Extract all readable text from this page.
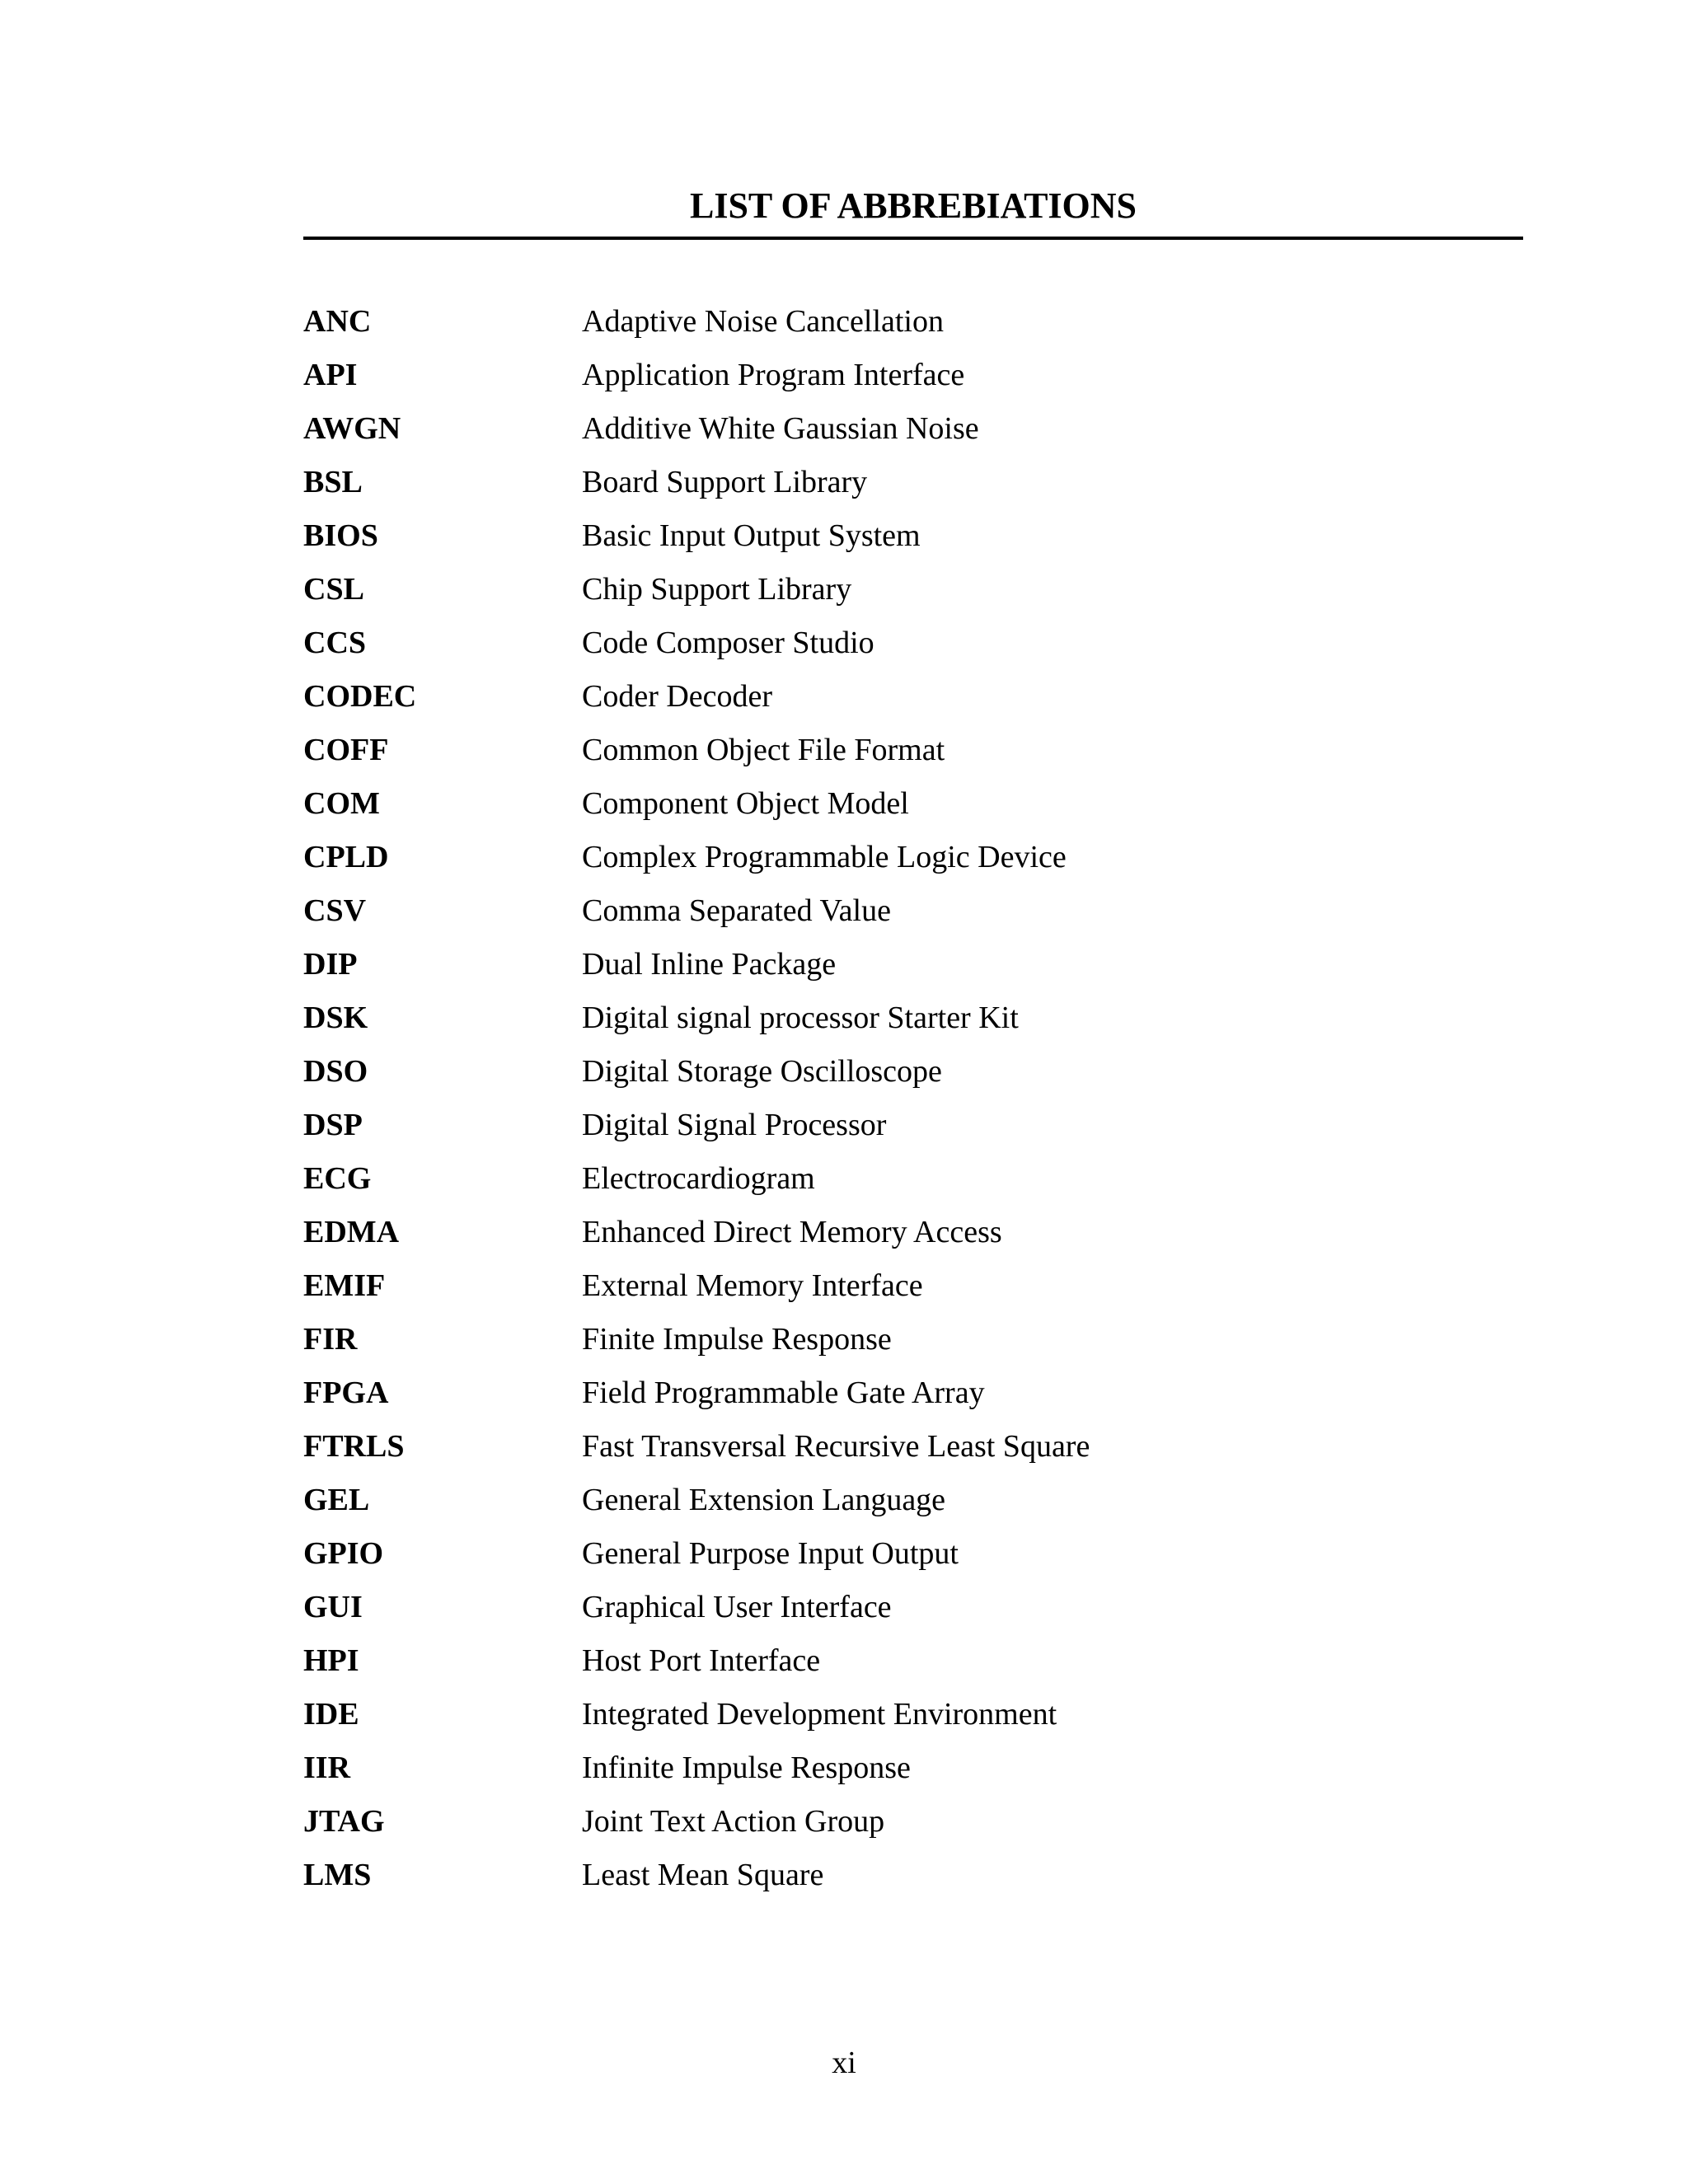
LIST OF ABBREBIATIONS
ANC	Adaptive Noise Cancellation
API	Application Program Interface
AWGN	Additive White Gaussian Noise
BSL	Board Support Library
BIOS	Basic Input Output System
CSL	Chip Support Library
CCS	Code Composer Studio
CODEC	Coder Decoder
COFF	Common Object File Format
COM	Component Object Model
CPLD	Complex Programmable Logic Device
CSV	Comma Separated Value
DIP	Dual Inline Package
DSK	Digital signal processor Starter Kit
DSO	Digital Storage Oscilloscope
DSP	Digital Signal Processor
ECG	Electrocardiogram
EDMA	Enhanced Direct Memory Access
EMIF	External Memory Interface
FIR	Finite Impulse Response
FPGA	Field Programmable Gate Array
FTRLS	Fast Transversal Recursive Least Square
GEL	General Extension Language
GPIO	General Purpose Input Output
GUI	Graphical User Interface
HPI	Host Port Interface
IDE	Integrated Development Environment
IIR	Infinite Impulse Response
JTAG	Joint Text Action Group
LMS	Least Mean Square
xi
